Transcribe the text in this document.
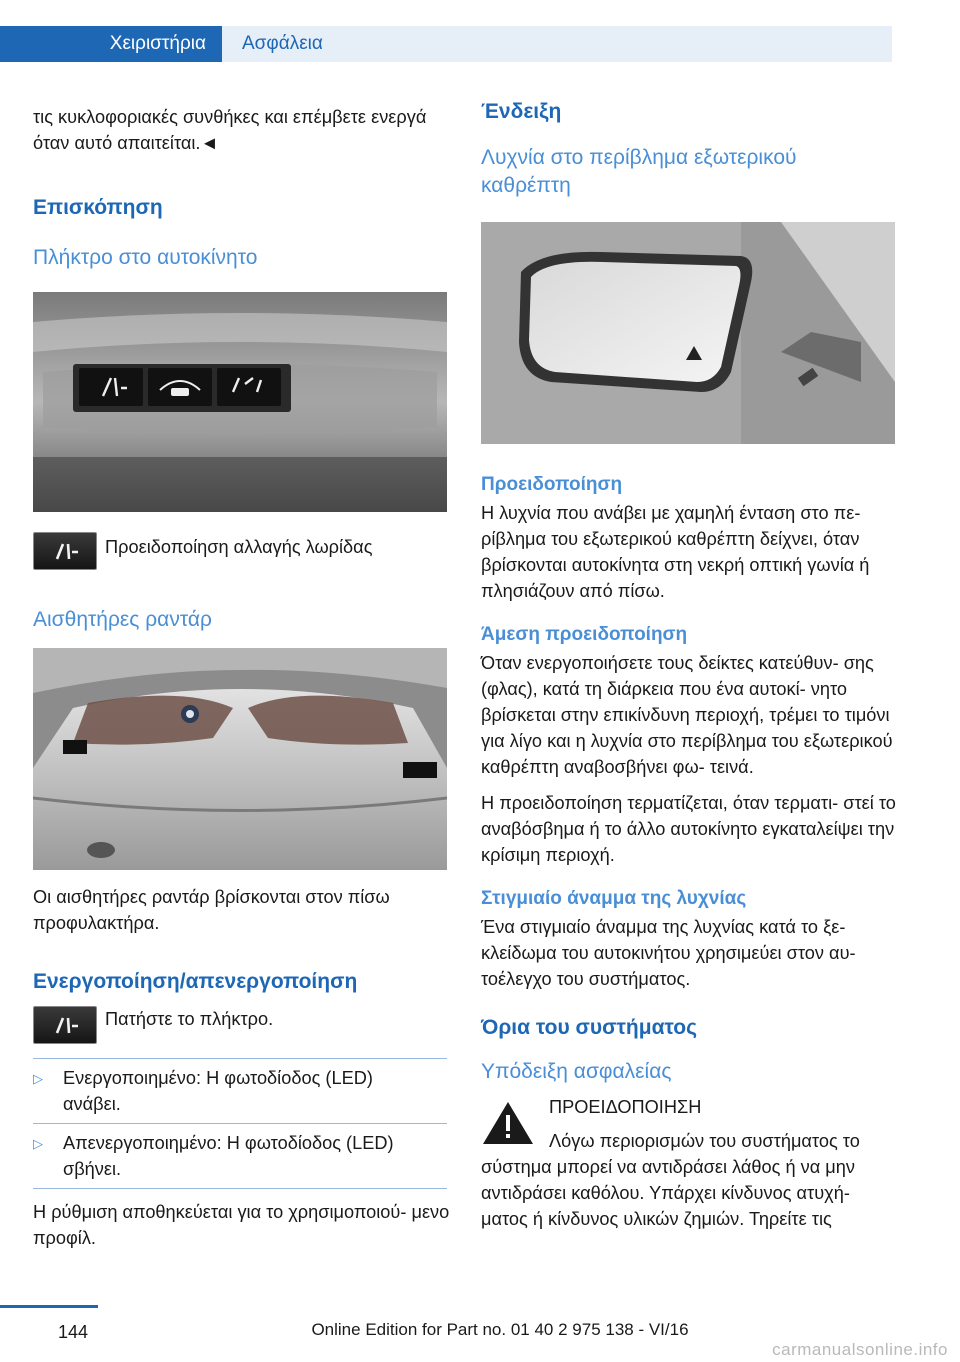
Χειριστήρια	Ασφάλεια

τις κυκλοφοριακές συνθήκες και επέμβετε ενεργά όταν αυτό απαιτείται.◄

Επισκόπηση
Πλήκτρο στο αυτοκίνητο

Προειδοποίηση αλλαγής λωρίδας

Αισθητήρες ραντάρ

Οι αισθητήρες ραντάρ βρίσκονται στον πίσω προφυλακτήρα.

Ενεργοποίηση/απενεργοποίηση

Πατήστε το πλήκτρο.

▷	Ενεργοποιημένο: Η φωτοδίοδος (LED) ανάβει.

▷	Απενεργοποιημένο: Η φωτοδίοδος (LED) σβήνει.

Η ρύθμιση αποθηκεύεται για το χρησιμοποιού- μενο προφίλ.

Ένδειξη
Λυχνία στο περίβλημα εξωτερικού καθρέπτη
Προειδοποίηση

Η λυχνία που ανάβει με χαμηλή ένταση στο πε- ρίβλημα του εξωτερικού καθρέπτη δείχνει, όταν βρίσκονται αυτοκίνητα στη νεκρή οπτική γωνία ή πλησιάζουν από πίσω.

Άμεση προειδοποίηση

Όταν ενεργοποιήσετε τους δείκτες κατεύθυν- σης (φλας), κατά τη διάρκεια που ένα αυτοκί- νητο βρίσκεται στην επικίνδυνη περιοχή, τρέμει το τιμόνι για λίγο και η λυχνία στο περίβλημα του εξωτερικού καθρέπτη αναβοσβήνει φω- τεινά.

Η προειδοποίηση τερματίζεται, όταν τερματι- στεί το αναβόσβημα ή το άλλο αυτοκίνητο εγκαταλείψει την κρίσιμη περιοχή.

Στιγμιαίο άναμμα της λυχνίας

Ένα στιγμιαίο άναμμα της λυχνίας κατά το ξε- κλείδωμα του αυτοκινήτου χρησιμεύει στον αυ- τοέλεγχο του συστήματος.

Όρια του συστήματος
Υπόδειξη ασφαλείας

ΠΡΟΕΙΔΟΠΟΙΗΣΗ

Λόγω περιορισμών του συστήματος το

σύστημα μπορεί να αντιδράσει λάθος ή να μην αντιδράσει καθόλου. Υπάρχει κίνδυνος ατυχή- ματος ή κίνδυνος υλικών ζημιών. Τηρείτε τις

144	Online Edition for Part no. 01 40 2 975 138 - VI/16
carmanualsonline.info
